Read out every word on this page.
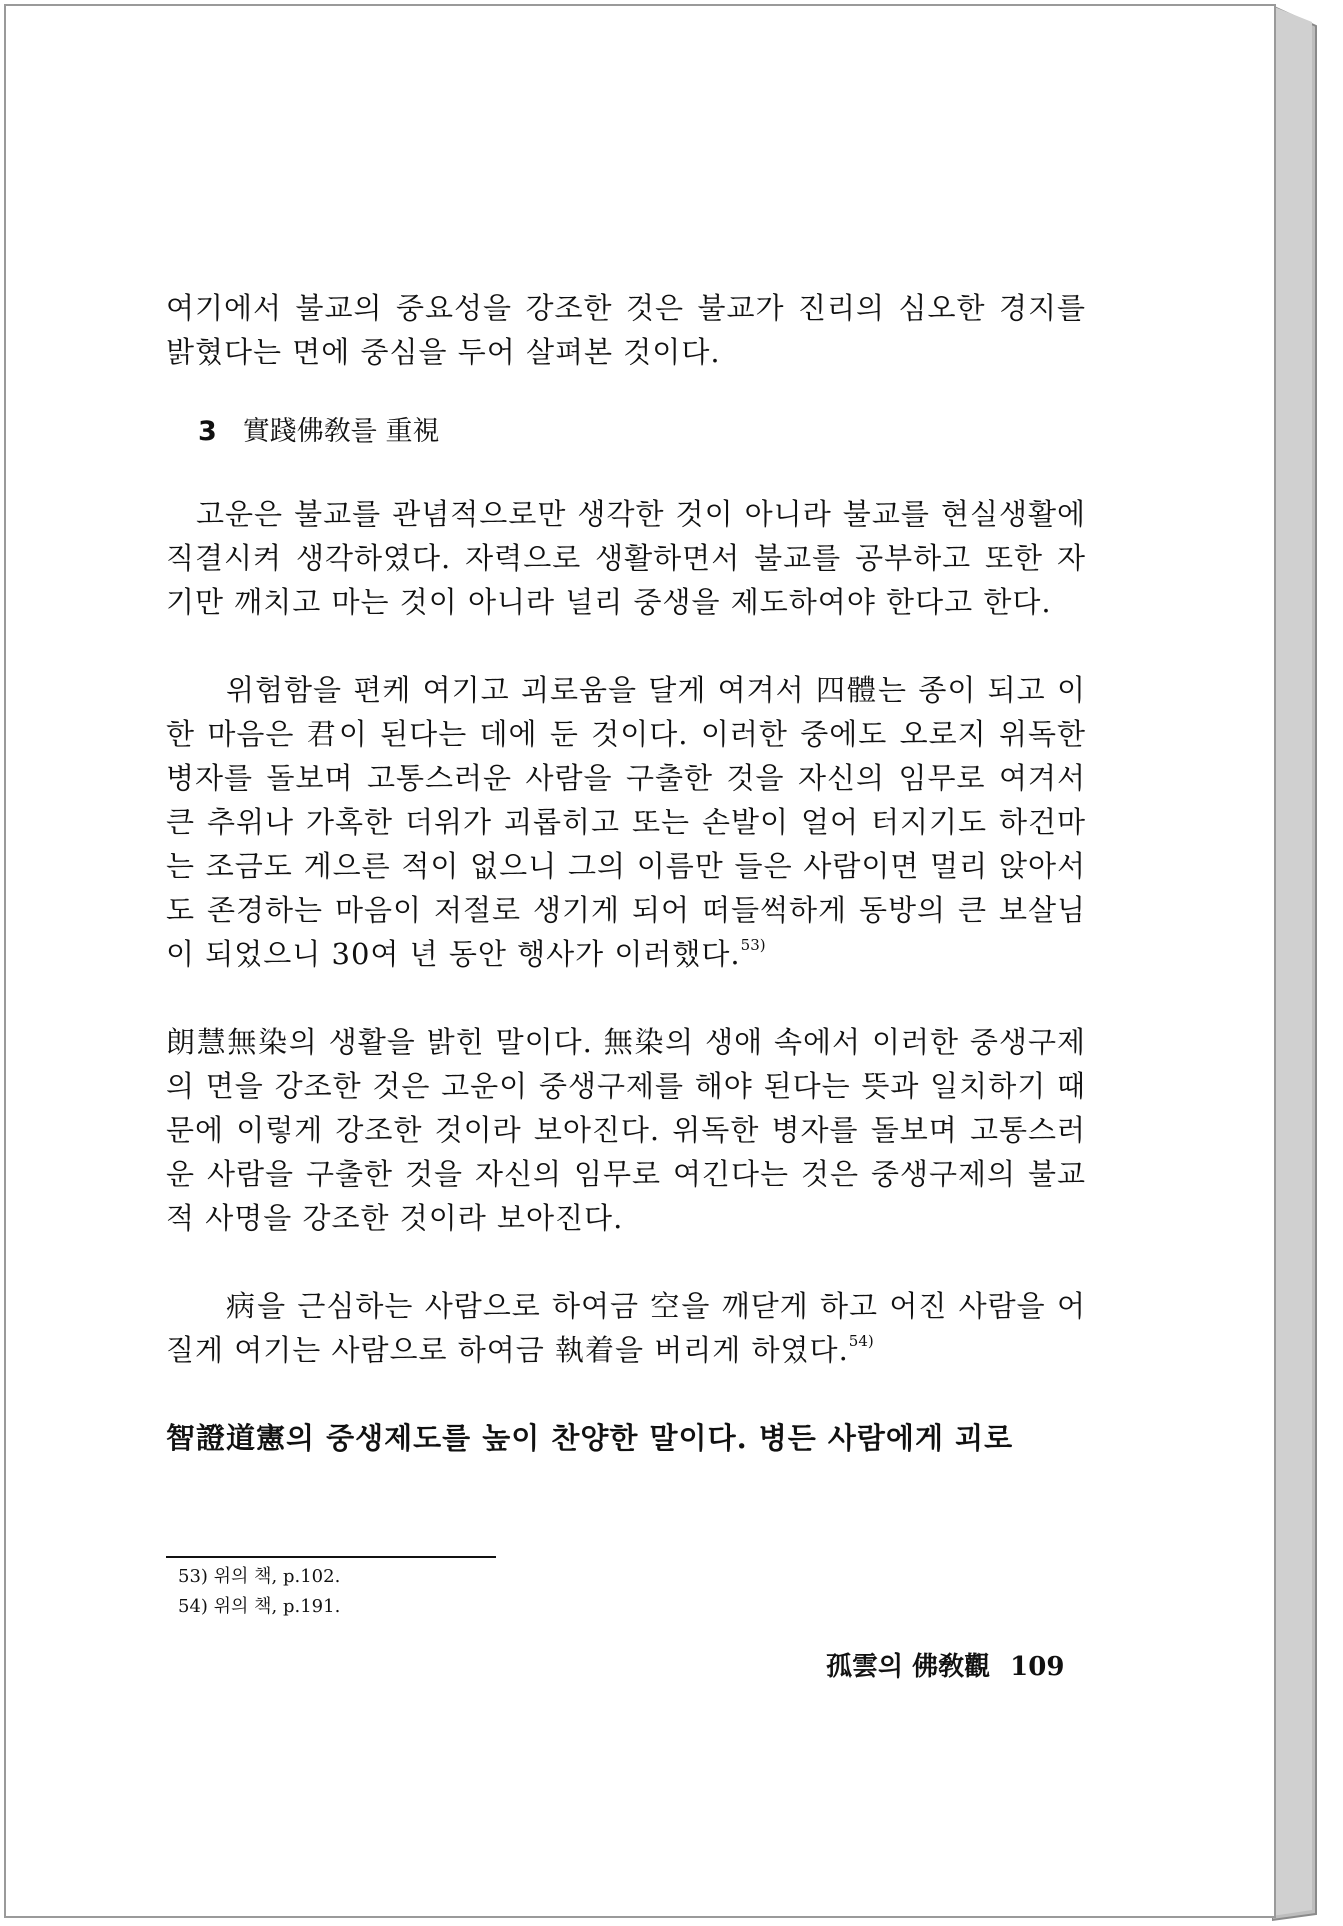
여기에서 불교의 중요성을 강조한 것은 불교가 진리의 심오한 경지를 밝혔다는 면에 중심을 두어 살펴본 것이다.

3 實踐佛敎를 重視

고운은 불교를 관념적으로만 생각한 것이 아니라 불교를 현실생활에 직결시켜 생각하였다. 자력으로 생활하면서 불교를 공부하고 또한 자기만 깨치고 마는 것이 아니라 널리 중생을 제도하여야 한다고 한다.

위험함을 편케 여기고 괴로움을 달게 여겨서 四體는 종이 되고 이 한 마음은 君이 된다는 데에 둔 것이다. 이러한 중에도 오로지 위독한 병자를 돌보며 고통스러운 사람을 구출한 것을 자신의 임무로 여겨서 큰 추위나 가혹한 더위가 괴롭히고 또는 손발이 얼어 터지기도 하건마는 조금도 게으른 적이 없으니 그의 이름만 들은 사람이면 멀리 앉아서도 존경하는 마음이 저절로 생기게 되어 떠들썩하게 동방의 큰 보살님이 되었으니 30여 년 동안 행사가 이러했다.$^{53)}$

朗慧無染의 생활을 밝힌 말이다. 無染의 생애 속에서 이러한 중생구제의 면을 강조한 것은 고운이 중생구제를 해야 된다는 뜻과 일치하기 때문에 이렇게 강조한 것이라 보아진다. 위독한 병자를 돌보며 고통스러운 사람을 구출한 것을 자신의 임무로 여긴다는 것은 중생구제의 불교적 사명을 강조한 것이라 보아진다.

病을 근심하는 사람으로 하여금 空을 깨닫게 하고 어진 사람을 어질게 여기는 사람으로 하여금 執着을 버리게 하였다.$^{54)}$

智證道憲의 중생제도를 높이 찬양한 말이다. 병든 사람에게 괴로

53) 위의 책, p.102.
54) 위의 책, p.191.
孤雲의 佛敎觀 109
